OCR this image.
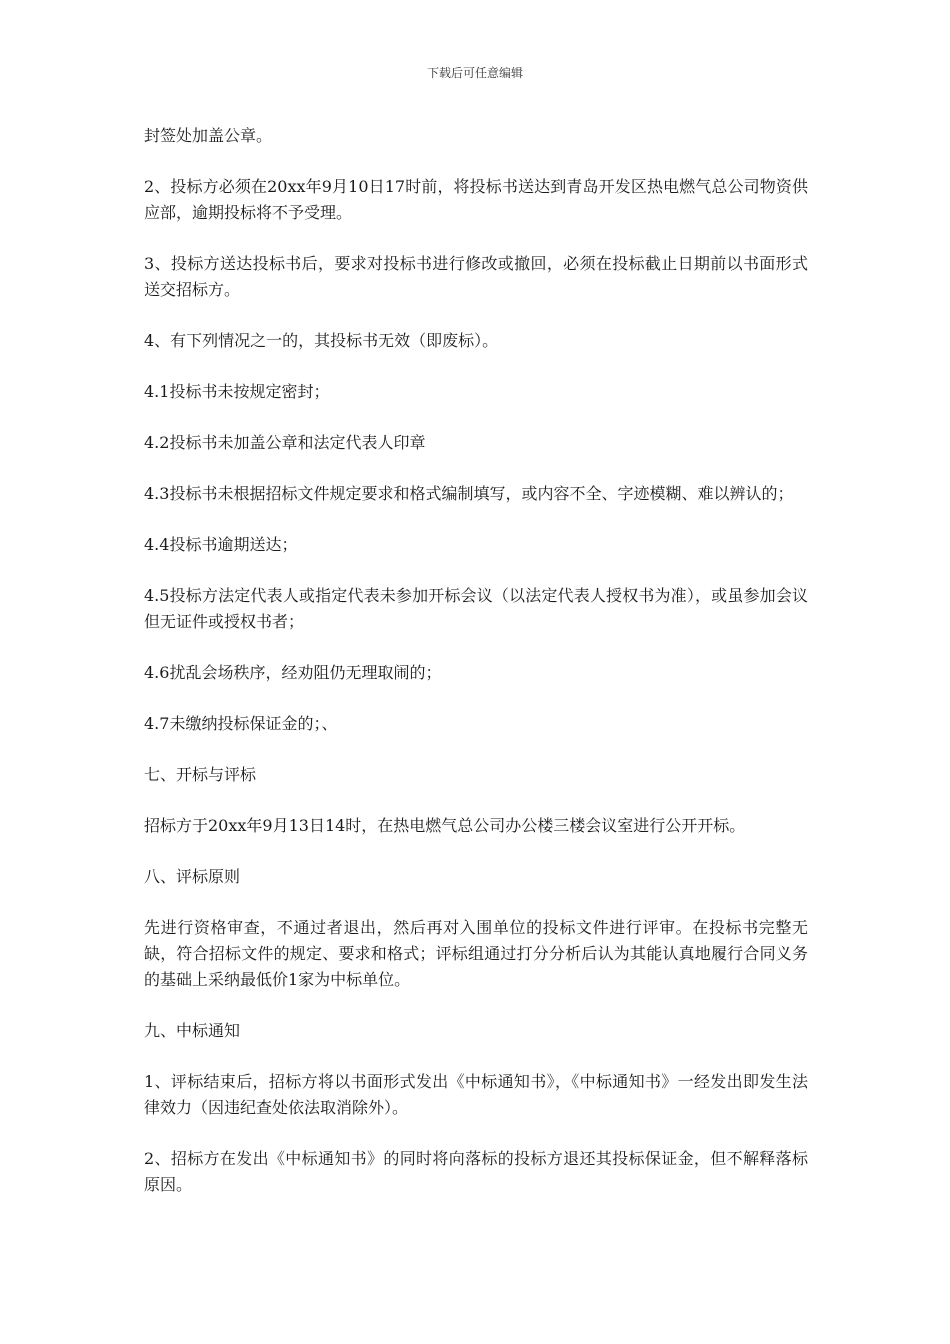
下载后可任意编辑

封签处加盖公章。

2、投标方必须在20xx年9月10日17时前，将投标书送达到青岛开发区热电燃气总公司物资供应部，逾期投标将不予受理。

3、投标方送达投标书后，要求对投标书进行修改或撤回，必须在投标截止日期前以书面形式送交招标方。

4、有下列情况之一的，其投标书无效（即废标）。

4.1投标书未按规定密封；

4.2投标书未加盖公章和法定代表人印章

4.3投标书未根据招标文件规定要求和格式编制填写，或内容不全、字迹模糊、难以辨认的；

4.4投标书逾期送达；

4.5投标方法定代表人或指定代表未参加开标会议（以法定代表人授权书为准），或虽参加会议但无证件或授权书者；

4.6扰乱会场秩序，经劝阻仍无理取闹的；

4.7未缴纳投标保证金的；、

七、开标与评标

招标方于20xx年9月13日14时，在热电燃气总公司办公楼三楼会议室进行公开开标。

八、评标原则

先进行资格审查，不通过者退出，然后再对入围单位的投标文件进行评审。在投标书完整无缺，符合招标文件的规定、要求和格式；评标组通过打分分析后认为其能认真地履行合同义务的基础上采纳最低价1家为中标单位。

九、中标通知

1、评标结束后，招标方将以书面形式发出《中标通知书》，《中标通知书》一经发出即发生法律效力（因违纪查处依法取消除外）。

2、招标方在发出《中标通知书》的同时将向落标的投标方退还其投标保证金，但不解释落标原因。
